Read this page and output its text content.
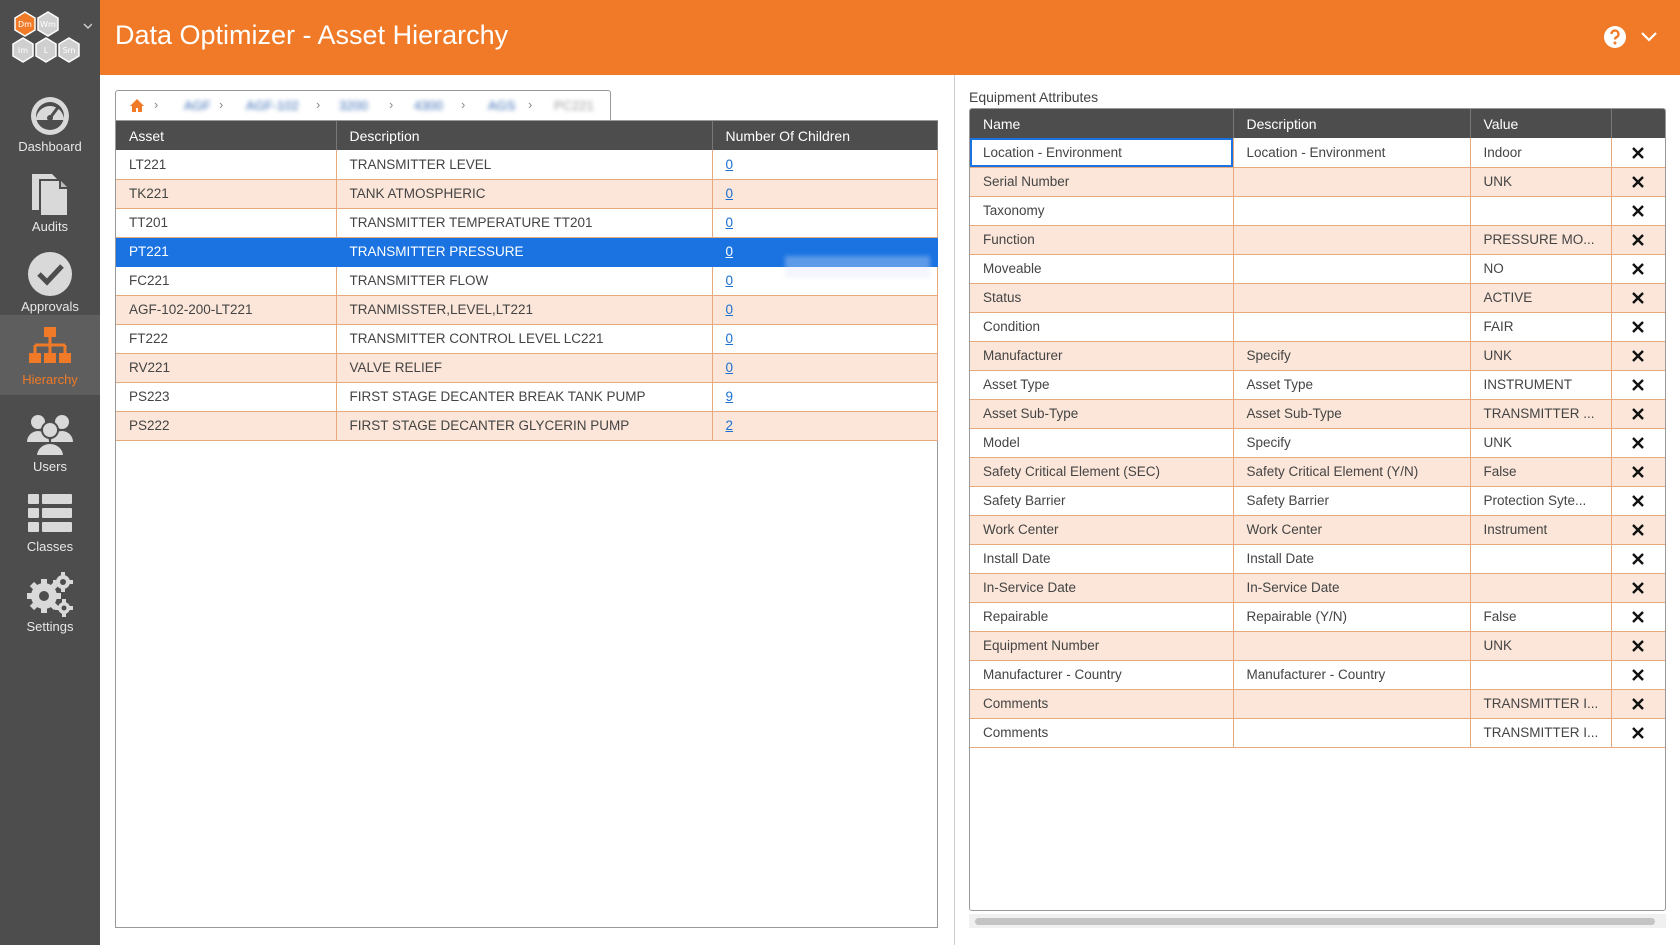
Dm Wm
Im L Sm
Dashboard
Audits
Approvals
Hierarchy
Users
Classes
Settings
Data Optimizer - Asset Hierarchy
› AGF › AGF-102 › 3200 › 4300 › AGS › PC221
Asset	Description	Number Of Children
LT221	TRANSMITTER LEVEL	0
TK221	TANK ATMOSPHERIC	0
TT201	TRANSMITTER TEMPERATURE TT201	0
PT221	TRANSMITTER PRESSURE	0
FC221	TRANSMITTER FLOW	0
AGF-102-200-LT221	TRANMISSTER,LEVEL,LT221	0
FT222	TRANSMITTER CONTROL LEVEL LC221	0
RV221	VALVE RELIEF	0
PS223	FIRST STAGE DECANTER BREAK TANK PUMP	9
PS222	FIRST STAGE DECANTER GLYCERIN PUMP	2
Equipment Attributes
Name	Description	Value	
Location - Environment	Location - Environment	Indoor	
Serial Number		UNK	
Taxonomy			
Function		PRESSURE MO...	
Moveable		NO	
Status		ACTIVE	
Condition		FAIR	
Manufacturer	Specify	UNK	
Asset Type	Asset Type	INSTRUMENT	
Asset Sub-Type	Asset Sub-Type	TRANSMITTER ...	
Model	Specify	UNK	
Safety Critical Element (SEC)	Safety Critical Element (Y/N)	False	
Safety Barrier	Safety Barrier	Protection Syte...	
Work Center	Work Center	Instrument	
Install Date	Install Date		
In-Service Date	In-Service Date		
Repairable	Repairable (Y/N)	False	
Equipment Number		UNK	
Manufacturer - Country	Manufacturer - Country		
Comments		TRANSMITTER I...	
Comments		TRANSMITTER I...	
